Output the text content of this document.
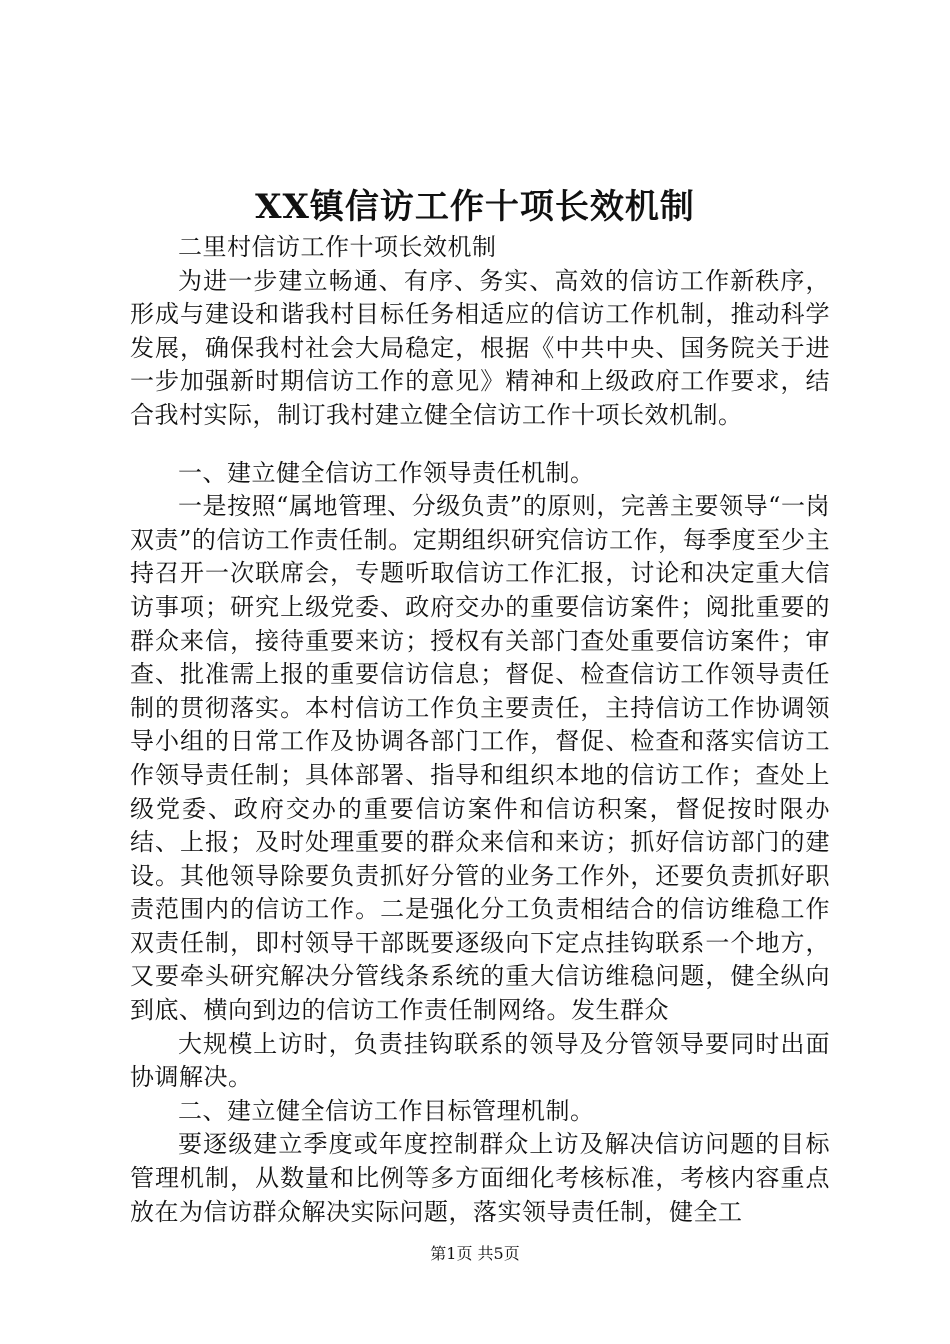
XX镇信访工作十项长效机制

二里村信访工作十项长效机制

为进一步建立畅通、有序、务实、高效的信访工作新秩序，形成与建设和谐我村目标任务相适应的信访工作机制，推动科学发展，确保我村社会大局稳定，根据《中共中央、国务院关于进一步加强新时期信访工作的意见》精神和上级政府工作要求，结合我村实际，制订我村建立健全信访工作十项长效机制。

一、建立健全信访工作领导责任机制。

一是按照“属地管理、分级负责”的原则，完善主要领导“一岗双责”的信访工作责任制。定期组织研究信访工作，每季度至少主持召开一次联席会，专题听取信访工作汇报，讨论和决定重大信访事项；研究上级党委、政府交办的重要信访案件；阅批重要的群众来信，接待重要来访；授权有关部门查处重要信访案件；审查、批准需上报的重要信访信息；督促、检查信访工作领导责任制的贯彻落实。本村信访工作负主要责任，主持信访工作协调领导小组的日常工作及协调各部门工作，督促、检查和落实信访工作领导责任制；具体部署、指导和组织本地的信访工作；查处上级党委、政府交办的重要信访案件和信访积案，督促按时限办结、上报；及时处理重要的群众来信和来访；抓好信访部门的建设。其他领导除要负责抓好分管的业务工作外，还要负责抓好职责范围内的信访工作。二是强化分工负责相结合的信访维稳工作双责任制，即村领导干部既要逐级向下定点挂钩联系一个地方，又要牵头研究解决分管线条系统的重大信访维稳问题，健全纵向到底、横向到边的信访工作责任制网络。发生群众

大规模上访时，负责挂钩联系的领导及分管领导要同时出面协调解决。

二、建立健全信访工作目标管理机制。

要逐级建立季度或年度控制群众上访及解决信访问题的目标管理机制，从数量和比例等多方面细化考核标准，考核内容重点放在为信访群众解决实际问题，落实领导责任制，健全工

第1页 共5页
